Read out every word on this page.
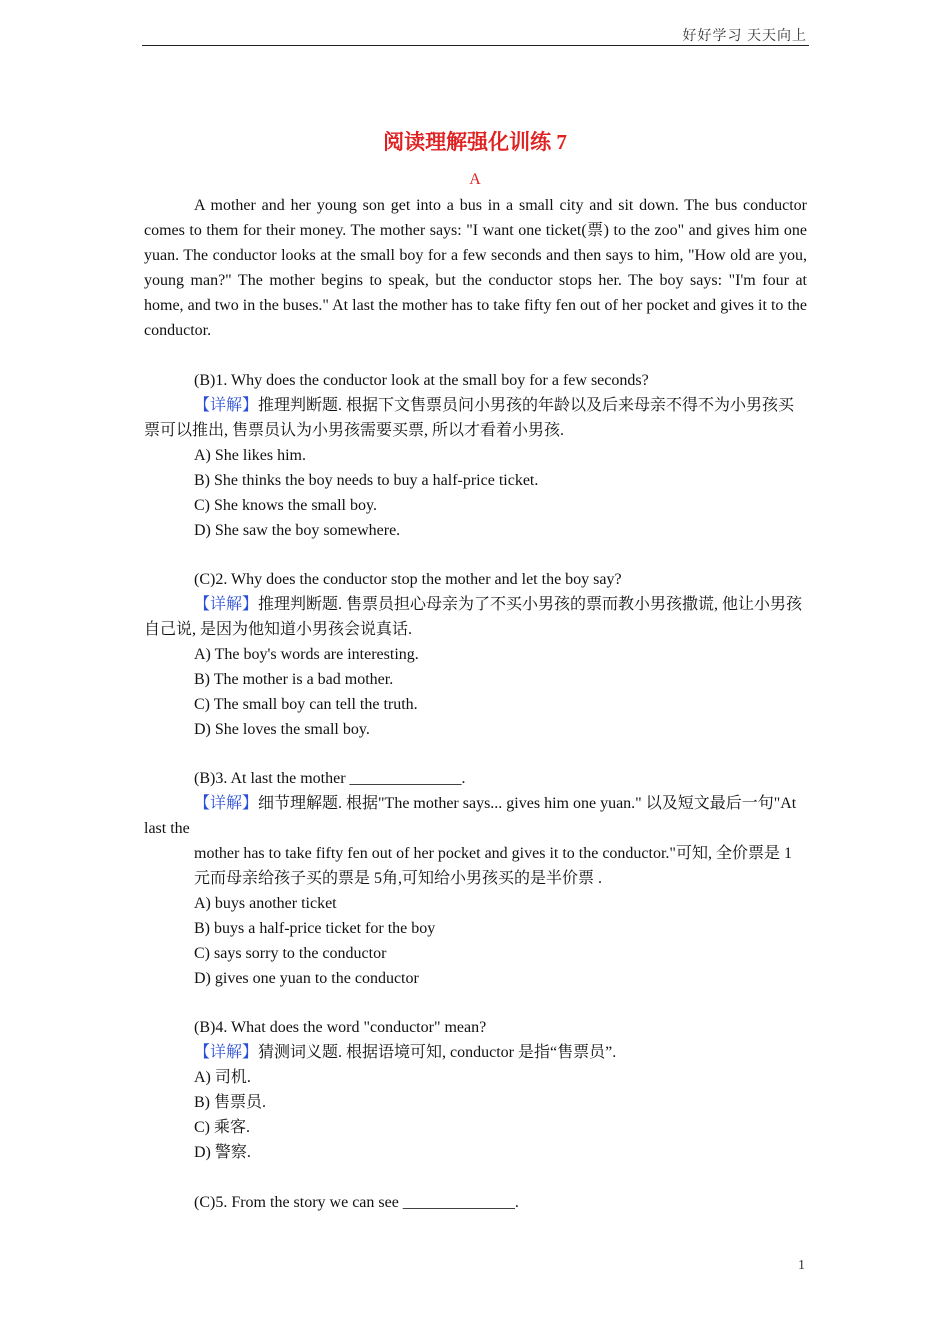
好好学习 天天向上
阅读理解强化训练 7
A

A mother and her young son get into a bus in a small city and sit down. The bus conductor comes to them for their money. The mother says: "I want one ticket(票) to the zoo" and gives him one yuan. The conductor looks at the small boy for a few seconds and then says to him, "How old are you, young man?" The mother begins to speak, but the conductor stops her. The boy says: "I'm four at home, and two in the buses." At last the mother has to take fifty fen out of her pocket and gives it to the conductor.

(B)1. Why does the conductor look at the small boy for a few seconds?
【详解】推理判断题. 根据下文售票员问小男孩的年龄以及后来母亲不得不为小男孩买票可以推出, 售票员认为小男孩需要买票, 所以才看着小男孩.
A) She likes him.
B) She thinks the boy needs to buy a half-price ticket.
C) She knows the small boy.
D) She saw the boy somewhere.
(C)2. Why does the conductor stop the mother and let the boy say?
【详解】推理判断题. 售票员担心母亲为了不买小男孩的票而教小男孩撒谎, 他让小男孩自己说, 是因为他知道小男孩会说真话.
A) The boy's words are interesting.
B) The mother is a bad mother.
C) The small boy can tell the truth.
D) She loves the small boy.
(B)3. At last the mother ______________.
【详解】细节理解题. 根据"The mother says... gives him one yuan." 以及短文最后一句"At last the
mother has to take fifty fen out of her pocket and gives it to the conductor."可知, 全价票是 1 元而母亲给孩子买的票是 5角,可知给小男孩买的是半价票 .
A) buys another ticket
B) buys a half-price ticket for the boy
C) says sorry to the conductor
D) gives one yuan to the conductor
(B)4. What does the word "conductor" mean?
【详解】猜测词义题. 根据语境可知, conductor 是指“售票员”.
A) 司机.
B) 售票员.
C) 乘客.
D) 警察.
(C)5. From the story we can see ______________.
1
